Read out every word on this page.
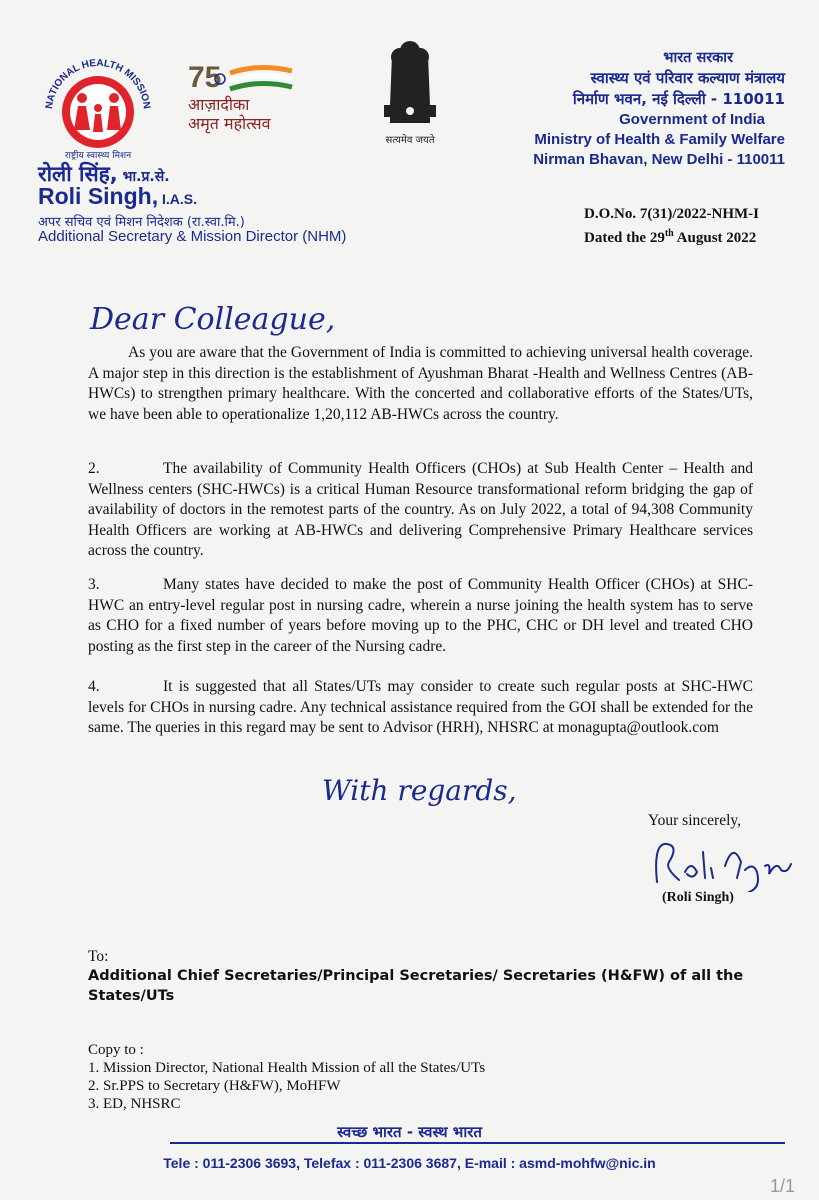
NATIONAL HEALTH MISSION
राष्ट्रीय स्वास्थ्य मिशन
75
आज़ादीका
अमृत महोत्सव
सत्यमेव जयते
रोली सिंह, भा.प्र.से.
Roli Singh, I.A.S.
अपर सचिव एवं मिशन निदेशक (रा.स्वा.मि.)
Additional Secretary & Mission Director (NHM)
भारत सरकार
स्वास्थ्य एवं परिवार कल्याण मंत्रालय
निर्माण भवन, नई दिल्ली - 110011
Government of India
Ministry of Health & Family Welfare
Nirman Bhavan, New Delhi - 110011
D.O.No. 7(31)/2022-NHM-I
Dated the 29th August 2022
Dear Colleague,
As you are aware that the Government of India is committed to achieving universal health coverage. A major step in this direction is the establishment of Ayushman Bharat -Health and Wellness Centres (AB-HWCs) to strengthen primary healthcare. With the concerted and collaborative efforts of the States/UTs, we have been able to operationalize 1,20,112 AB-HWCs across the country.
2.	The availability of Community Health Officers (CHOs) at Sub Health Center – Health and Wellness centers (SHC-HWCs) is a critical Human Resource transformational reform bridging the gap of availability of doctors in the remotest parts of the country. As on July 2022, a total of 94,308 Community Health Officers are working at AB-HWCs and delivering Comprehensive Primary Healthcare services across the country.
3.	Many states have decided to make the post of Community Health Officer (CHOs) at SHC-HWC an entry-level regular post in nursing cadre, wherein a nurse joining the health system has to serve as CHO for a fixed number of years before moving up to the PHC, CHC or DH level and treated CHO posting as the first step in the career of the Nursing cadre.
4.	It is suggested that all States/UTs may consider to create such regular posts at SHC-HWC levels for CHOs in nursing cadre. Any technical assistance required from the GOI shall be extended for the same. The queries in this regard may be sent to Advisor (HRH), NHSRC at monagupta@outlook.com
With regards,
Your sincerely,
(Roli Singh)
To:
Additional Chief Secretaries/Principal Secretaries/ Secretaries (H&FW) of all the States/UTs
Copy to :
1. Mission Director, National Health Mission of all the States/UTs
2. Sr.PPS to Secretary (H&FW), MoHFW
3. ED, NHSRC
स्वच्छ भारत - स्वस्थ भारत
Tele : 011-2306 3693, Telefax : 011-2306 3687, E-mail : asmd-mohfw@nic.in
1/1
